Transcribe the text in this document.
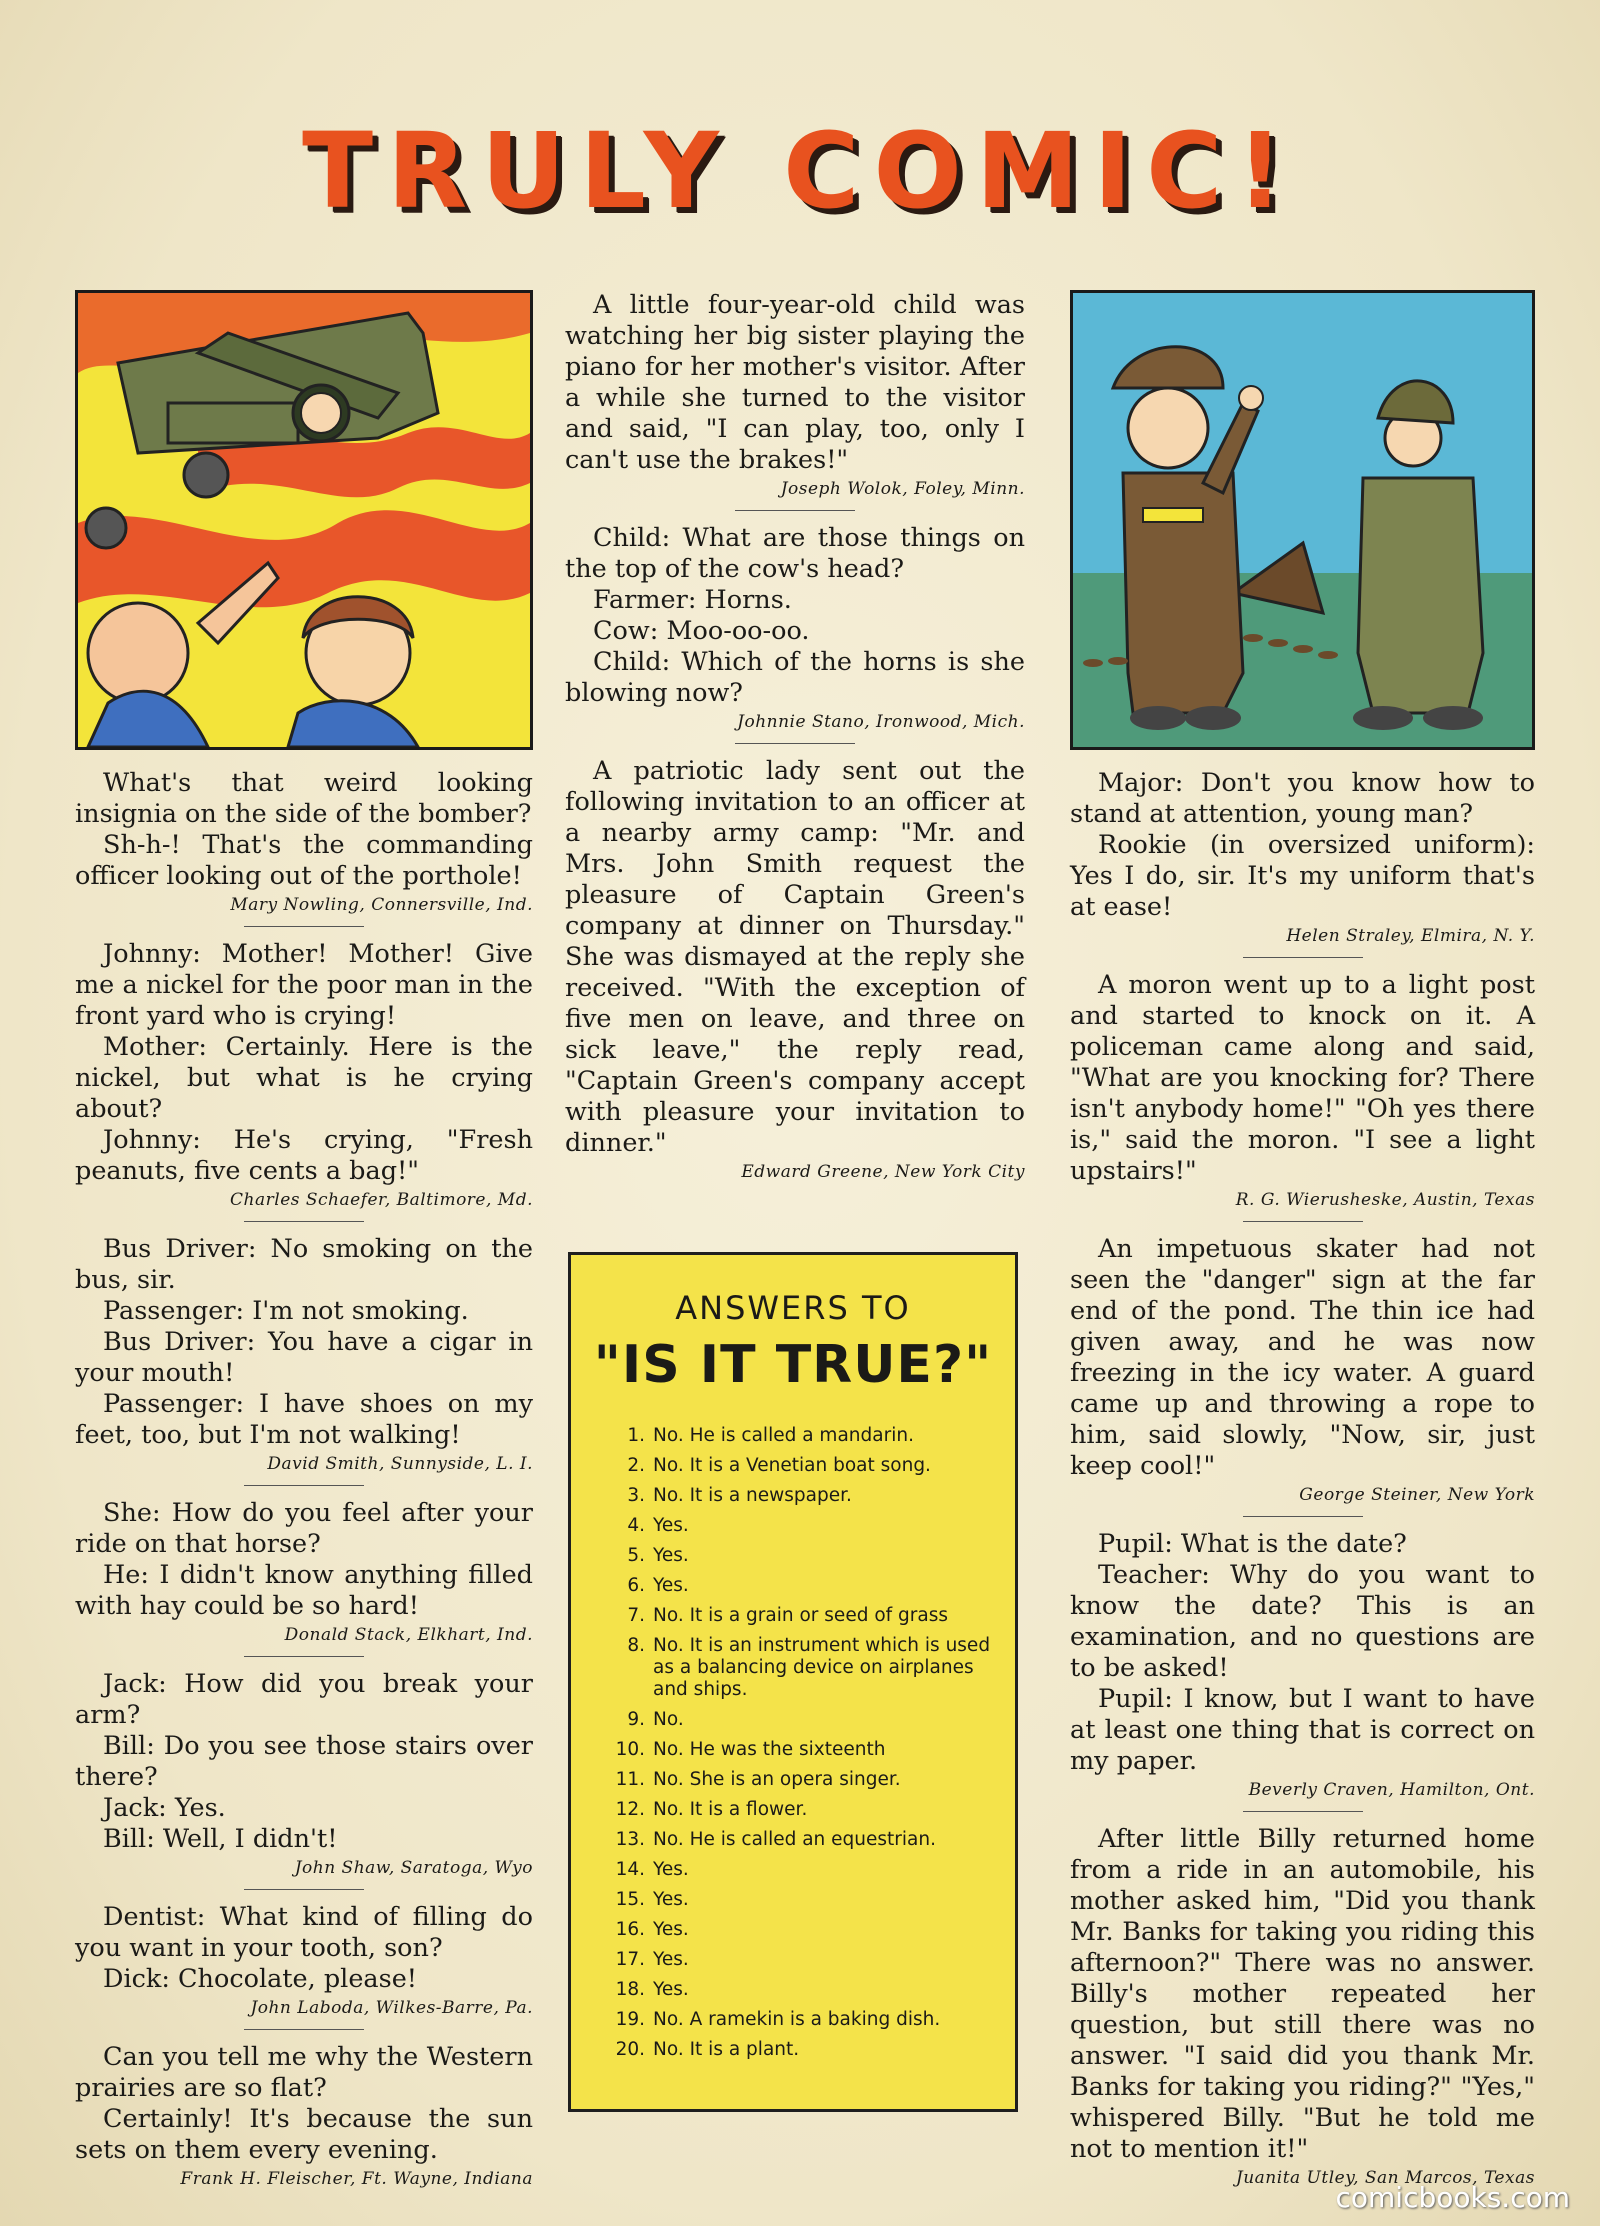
TRULY COMIC!

What's that weird looking insignia on the side of the bomber?

Sh-h-! That's the commanding officer looking out of the porthole!

Mary Nowling, Connersville, Ind.

Johnny: Mother! Mother! Give me a nickel for the poor man in the front yard who is crying!

Mother: Certainly. Here is the nickel, but what is he crying about?

Johnny: He's crying, "Fresh peanuts, five cents a bag!"

Charles Schaefer, Baltimore, Md.

Bus Driver: No smoking on the bus, sir.

Passenger: I'm not smoking.

Bus Driver: You have a cigar in your mouth!

Passenger: I have shoes on my feet, too, but I'm not walking!

David Smith, Sunnyside, L. I.

She: How do you feel after your ride on that horse?

He: I didn't know anything filled with hay could be so hard!

Donald Stack, Elkhart, Ind.

Jack: How did you break your arm?

Bill: Do you see those stairs over there?

Jack: Yes.

Bill: Well, I didn't!

John Shaw, Saratoga, Wyo

Dentist: What kind of filling do you want in your tooth, son?

Dick: Chocolate, please!

John Laboda, Wilkes-Barre, Pa.

Can you tell me why the Western prairies are so flat?

Certainly! It's because the sun sets on them every evening.

Frank H. Fleischer, Ft. Wayne, Indiana

A little four-year-old child was watching her big sister playing the piano for her mother's visitor. After a while she turned to the visitor and said, "I can play, too, only I can't use the brakes!"

Joseph Wolok, Foley, Minn.

Child: What are those things on the top of the cow's head?

Farmer: Horns.

Cow: Moo-oo-oo.

Child: Which of the horns is she blowing now?

Johnnie Stano, Ironwood, Mich.

A patriotic lady sent out the following invitation to an officer at a nearby army camp: "Mr. and Mrs. John Smith request the pleasure of Captain Green's company at dinner on Thursday." She was dismayed at the reply she received. "With the exception of five men on leave, and three on sick leave," the reply read, "Captain Green's company accept with pleasure your invitation to dinner."

Edward Greene, New York City
ANSWERS TO
"IS IT TRUE?"
1. No. He is called a mandarin.
2. No. It is a Venetian boat song.
3. No. It is a newspaper.
4. Yes.
5. Yes.
6. Yes.
7. No. It is a grain or seed of grass
8. No. It is an instrument which is used as a balancing device on airplanes and ships.
9. No.
10. No. He was the sixteenth
11. No. She is an opera singer.
12. No. It is a flower.
13. No. He is called an equestrian.
14. Yes.
15. Yes.
16. Yes.
17. Yes.
18. Yes.
19. No. A ramekin is a baking dish.
20. No. It is a plant.

Major: Don't you know how to stand at attention, young man?

Rookie (in oversized uniform): Yes I do, sir. It's my uniform that's at ease!

Helen Straley, Elmira, N. Y.

A moron went up to a light post and started to knock on it. A policeman came along and said, "What are you knocking for? There isn't anybody home!" "Oh yes there is," said the moron. "I see a light upstairs!"

R. G. Wierusheske, Austin, Texas

An impetuous skater had not seen the "danger" sign at the far end of the pond. The thin ice had given away, and he was now freezing in the icy water. A guard came up and throwing a rope to him, said slowly, "Now, sir, just keep cool!"

George Steiner, New York

Pupil: What is the date?

Teacher: Why do you want to know the date? This is an examination, and no questions are to be asked!

Pupil: I know, but I want to have at least one thing that is correct on my paper.

Beverly Craven, Hamilton, Ont.

After little Billy returned home from a ride in an automobile, his mother asked him, "Did you thank Mr. Banks for taking you riding this afternoon?" There was no answer. Billy's mother repeated her question, but still there was no answer. "I said did you thank Mr. Banks for taking you riding?" "Yes," whispered Billy. "But he told me not to mention it!"

Juanita Utley, San Marcos, Texas
comicbooks.com
